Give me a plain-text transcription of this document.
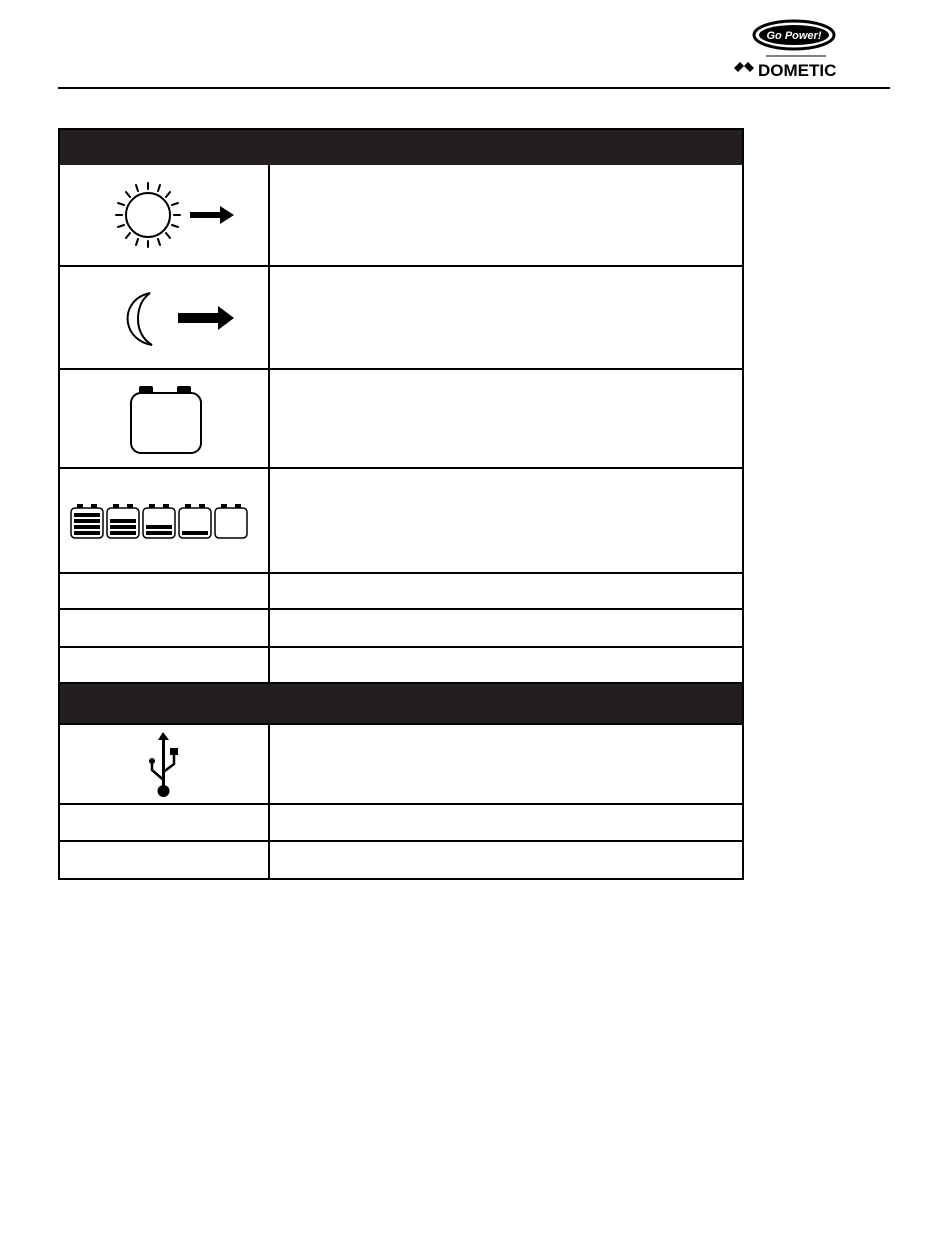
Go Power!
DOMETIC
